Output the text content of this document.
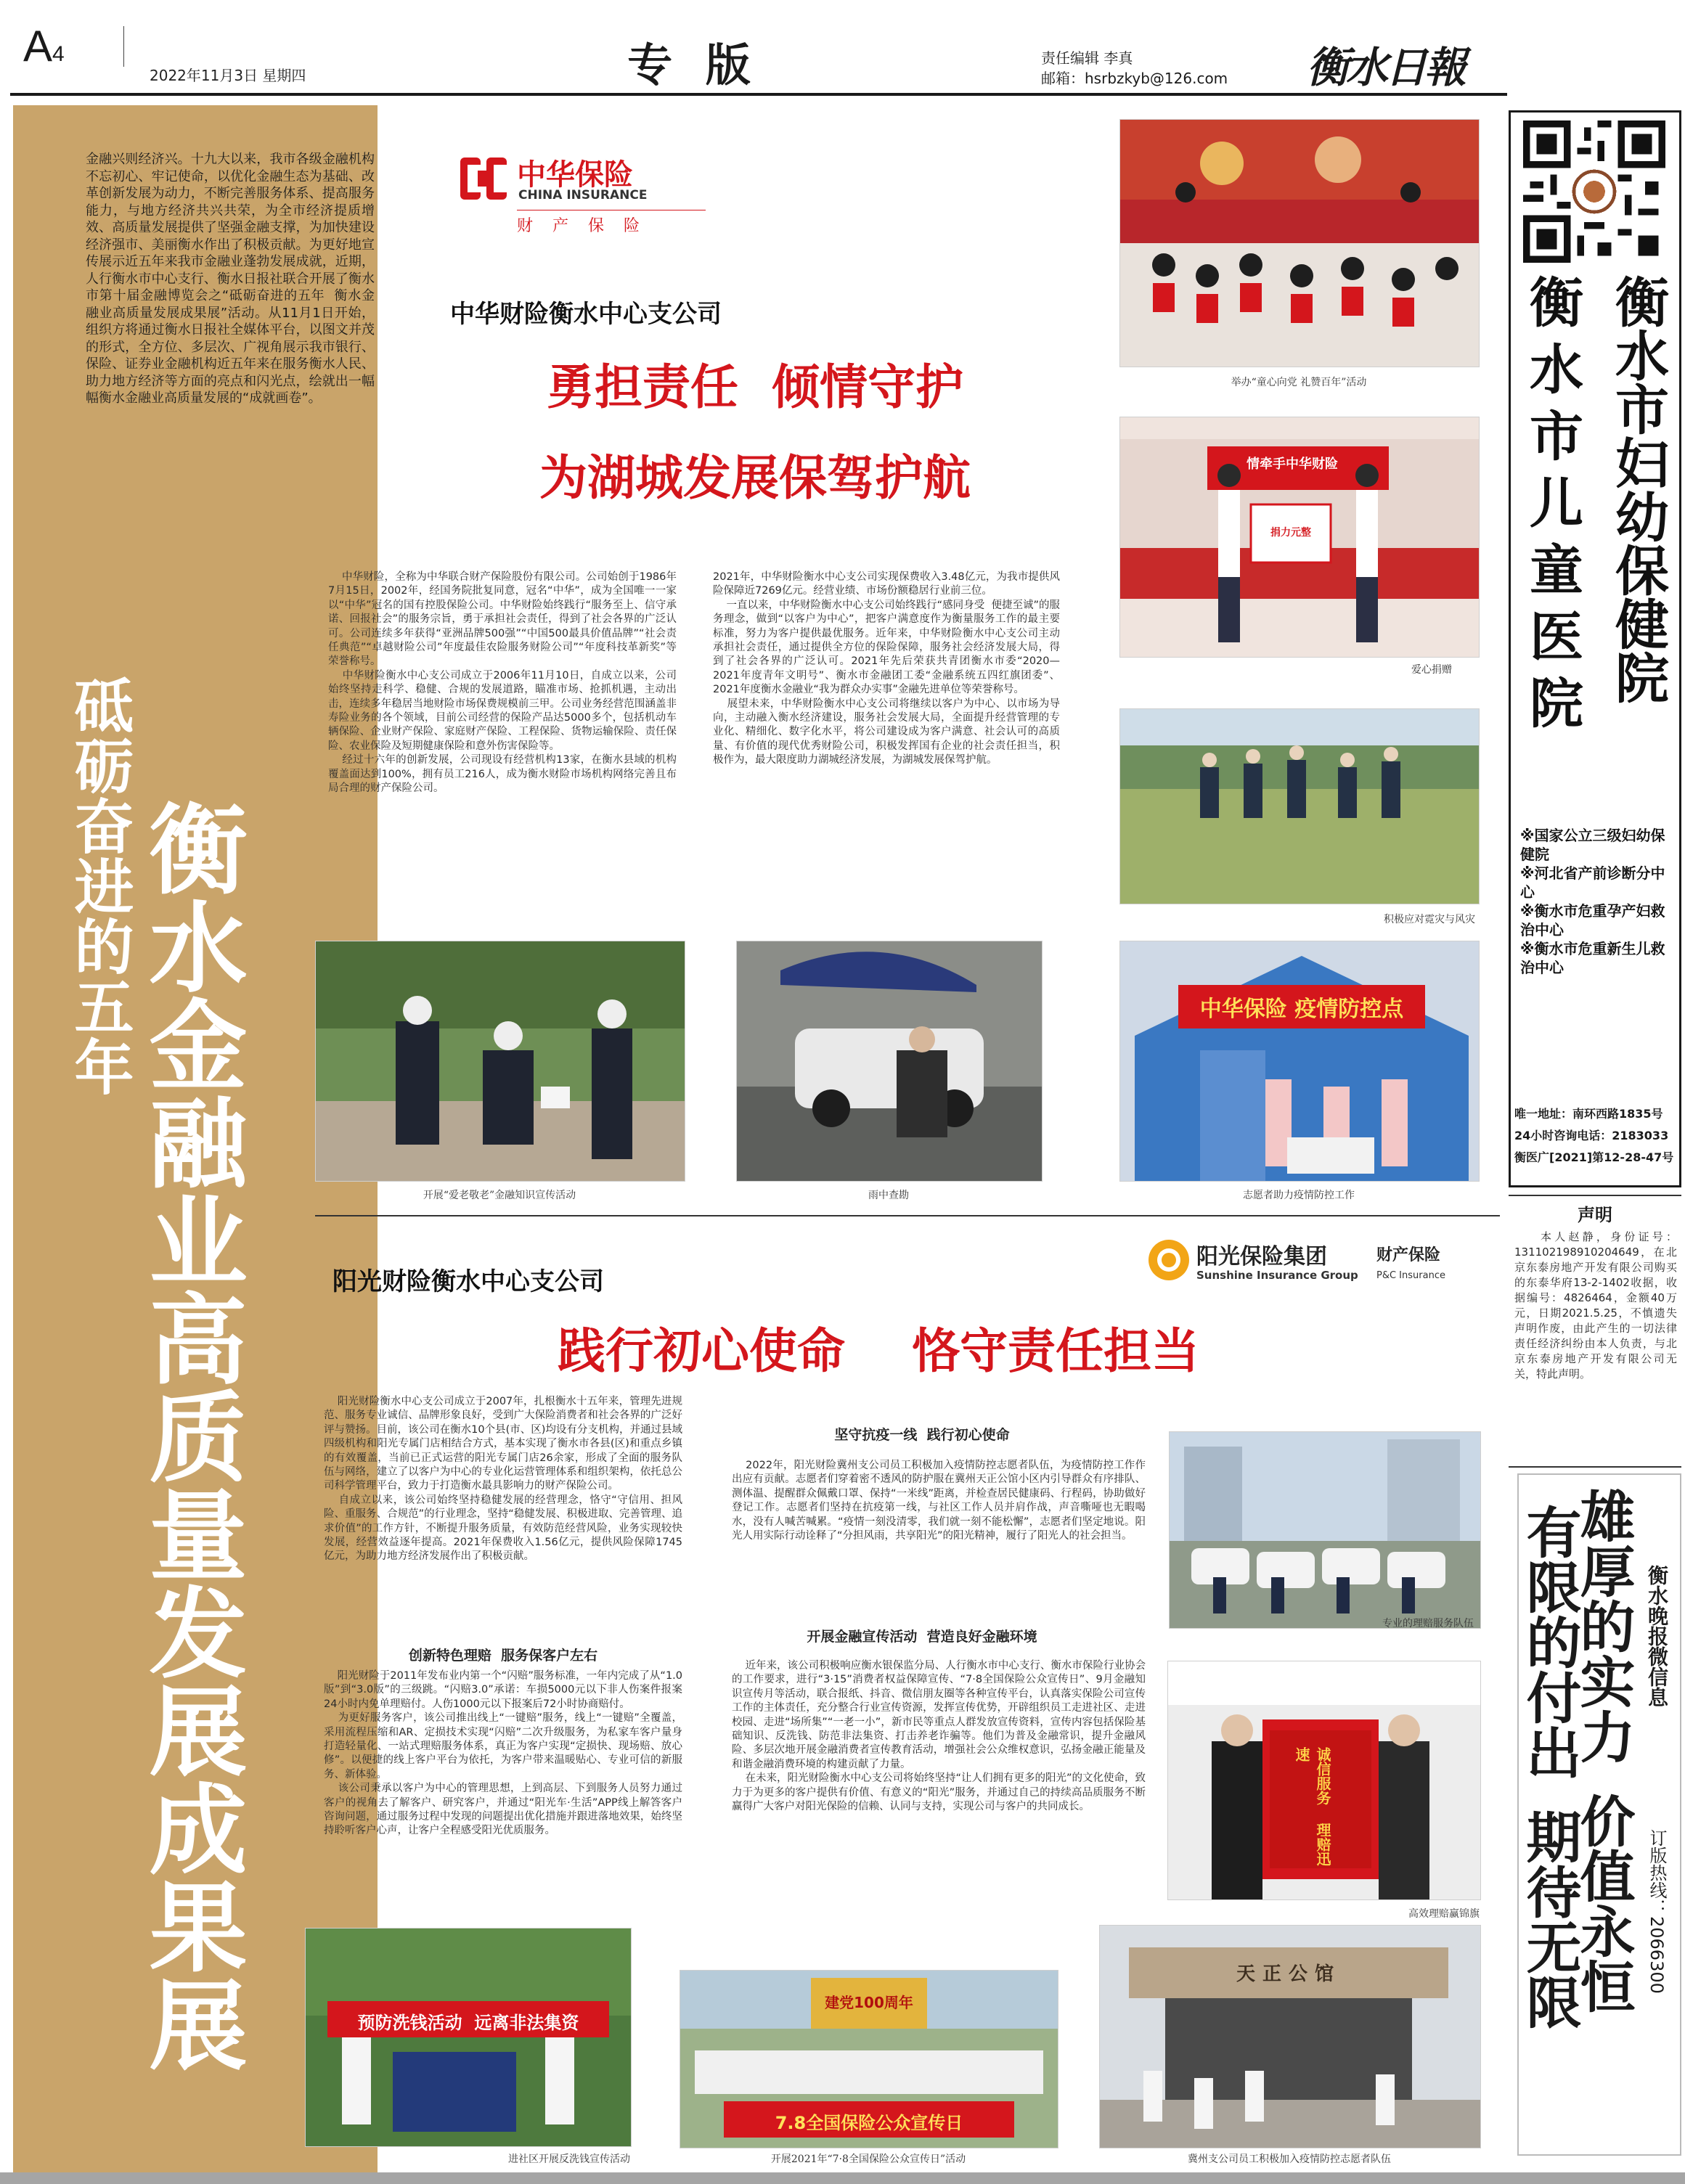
A4
2022年11月3日 星期四	专 版	责任编辑 李真
邮箱：hsrbzkyb@126.com 衡水日報
金融兴则经济兴。十九大以来，我市各级金融机构不忘初心、牢记使命，以优化金融生态为基础、改革创新发展为动力，不断完善服务体系、提高服务能力，与地方经济共兴共荣，为全市经济提质增效、高质量发展提供了坚强金融支撑，为加快建设经济强市、美丽衡水作出了积极贡献。为更好地宣传展示近五年来我市金融业蓬勃发展成就，近期，人行衡水市中心支行、衡水日报社联合开展了衡水市第十届金融博览会之“砥砺奋进的五年  衡水金融业高质量发展成果展”活动。从11月1日开始，组织方将通过衡水日报社全媒体平台，以图文并茂的形式，全方位、多层次、广视角展示我市银行、保险、证券业金融机构近五年来在服务衡水人民、助力地方经济等方面的亮点和闪光点，绘就出一幅幅衡水金融业高质量发展的“成就画卷”。
砥砺奋进的五年 衡水金融业高质量发展成果展
中华保险
CHINA INSURANCE
财 产 保 险
中华财险衡水中心支公司
勇担责任  倾情守护
为湖城发展保驾护航
中华财险，全称为中华联合财产保险股份有限公司。公司始创于1986年7月15日，2002年，经国务院批复同意，冠名“中华”，成为全国唯一一家以“中华”冠名的国有控股保险公司。中华财险始终践行“服务至上、信守承诺、回报社会”的服务宗旨，勇于承担社会责任，得到了社会各界的广泛认可。公司连续多年获得“亚洲品牌500强”“中国500最具价值品牌”“社会责任典范”“卓越财险公司”年度最佳农险服务财险公司”“年度科技革新奖”等荣誉称号。
中华财险衡水中心支公司成立于2006年11月10日，自成立以来，公司始终坚持走科学、稳健、合规的发展道路，瞄准市场、抢抓机遇，主动出击，连续多年稳居当地财险市场保费规模前三甲。公司业务经营范围涵盖非寿险业务的各个领域，目前公司经营的保险产品达5000多个，包括机动车辆保险、企业财产保险、家庭财产保险、工程保险、货物运输保险、责任保险、农业保险及短期健康保险和意外伤害保险等。
经过十六年的创新发展，公司现设有经营机构13家，在衡水县域的机构覆盖面达到100%，拥有员工216人，成为衡水财险市场机构网络完善且布局合理的财产保险公司。
2021年，中华财险衡水中心支公司实现保费收入3.48亿元，为我市提供风险保障近7269亿元。经营业绩、市场份额稳居行业前三位。
一直以来，中华财险衡水中心支公司始终践行“感同身受  便捷至诚”的服务理念，做到“以客户为中心”，把客户满意度作为衡量服务工作的最主要标准，努力为客户提供最优服务。近年来，中华财险衡水中心支公司主动承担社会责任，通过提供全方位的保险保障，服务社会经济发展大局，得到了社会各界的广泛认可。2021年先后荣获共青团衡水市委“2020—2021年度青年文明号”、衡水市金融团工委“金融系统五四红旗团委”、2021年度衡水金融业“我为群众办实事”金融先进单位等荣誉称号。
展望未来，中华财险衡水中心支公司将继续以客户为中心、以市场为导向，主动融入衡水经济建设，服务社会发展大局，全面提升经营管理的专业化、精细化、数字化水平，将公司建设成为客户满意、社会认可的高质量、有价值的现代优秀财险公司，积极发挥国有企业的社会责任担当，积极作为，最大限度助力湖城经济发展，为湖城发展保驾护航。
举办“童心向党 礼赞百年”活动
情牵手中华财险
捐力元整
爱心捐赠
积极应对霓灾与风灾
开展“爱老敬老”金融知识宣传活动	雨中查勘
中华保险 疫情防控点
志愿者助力疫情防控工作
阳光财险衡水中心支公司
阳光保险集团	财产保险
Sunshine Insurance Group P&C Insurance
践行初心使命    恪守责任担当
阳光财险衡水中心支公司成立于2007年，扎根衡水十五年来，管理先进规范、服务专业诚信、品牌形象良好，受到广大保险消费者和社会各界的广泛好评与赞扬。目前，该公司在衡水10个县(市、区)均设有分支机构，并通过县域四级机构和阳光专属门店相结合方式，基本实现了衡水市各县(区)和重点乡镇的有效覆盖，当前已正式运营的阳光专属门店26余家，形成了全面的服务队伍与网络，建立了以客户为中心的专业化运营管理体系和组织架构，依托总公司科学管理平台，致力于打造衡水最具影响力的财产保险公司。
自成立以来，该公司始终坚持稳健发展的经营理念，恪守“守信用、担风险、重服务、合规范”的行业理念，坚持“稳健发展、积极进取、完善管理、追求价值”的工作方针，不断提升服务质量，有效防范经营风险，业务实现较快发展，经营效益逐年提高。2021年保费收入1.56亿元，提供风险保障1745亿元，为助力地方经济发展作出了积极贡献。
创新特色理赔  服务保客户左右
阳光财险于2011年发布业内第一个“闪赔”服务标准，一年内完成了从“1.0版”到“3.0版”的三级跳。“闪赔3.0”承诺：车损5000元以下非人伤案件报案24小时内免单理赔付。人伤1000元以下报案后72小时协商赔付。
为更好服务客户，该公司推出线上“一键赔”服务，线上“一键赔”全覆盖，采用流程压缩和AR、定损技术实现“闪赔”二次升级服务，为私家车客户量身打造轻量化、一站式理赔服务体系，真正为客户实现“定损快、现场赔、放心修”。以便捷的线上客户平台为依托，为客户带来温暖贴心、专业可信的新服务、新体验。
该公司秉承以客户为中心的管理思想，上到高层、下到服务人员努力通过客户的视角去了解客户、研究客户，并通过“阳光车·生活”APP线上解答客户咨询问题，通过服务过程中发现的问题提出优化措施并跟进落地效果，始终坚持聆听客户心声，让客户全程感受阳光优质服务。
坚守抗疫一线  践行初心使命
2022年，阳光财险冀州支公司员工积极加入疫情防控志愿者队伍，为疫情防控工作作出应有贡献。志愿者们穿着密不透风的防护服在冀州天正公馆小区内引导群众有序排队、测体温、提醒群众佩戴口罩、保持“一米线”距离，并检查居民健康码、行程码，协助做好登记工作。志愿者们坚持在抗疫第一线，与社区工作人员并肩作战，声音嘶哑也无暇喝水，没有人喊苦喊累。“疫情一刻没清零，我们就一刻不能松懈”，志愿者们坚定地说。阳光人用实际行动诠释了“分担风雨，共享阳光”的阳光精神，履行了阳光人的社会担当。
开展金融宣传活动  营造良好金融环境
近年来，该公司积极响应衡水银保监分局、人行衡水市中心支行、衡水市保险行业协会的工作要求，进行“3·15”消费者权益保障宣传、“7·8全国保险公众宣传日”、9月金融知识宣传月等活动，联合报纸、抖音、微信朋友圈等各种宣传平台，认真落实保险公司宣传工作的主体责任，充分整合行业宣传资源，发挥宣传优势，开辟组织员工走进社区、走进校园、走进“场所集”“一老一小”，新市民等重点人群发放宣传资料，宣传内容包括保险基础知识、反洗钱、防范非法集资、打击养老诈骗等。他们为普及金融常识，提升金融风险、多层次地开展金融消费者宣传教育活动，增强社会公众维权意识，弘扬金融正能量及和谐金融消费环境的构建贡献了力量。
在未来，阳光财险衡水中心支公司将始终坚持“让人们拥有更多的阳光”的文化使命，致力于为更多的客户提供有价值、有意义的“阳光”服务，并通过自己的持续高品质服务不断赢得广大客户对阳光保险的信赖、认同与支持，实现公司与客户的共同成长。
专业的理赔服务队伍
诚信服务 理赔迅速
高效理赔赢锦旗
预防洗钱活动  远离非法集资
进社区开展反洗钱宣传活动
建党100周年
7.8全国保险公众宣传日
开展2021年“7·8全国保险公众宣传日”活动
天正公馆
冀州支公司员工积极加入疫情防控志愿者队伍
衡水市妇幼保健院
衡水市儿童医院
※国家公立三级妇幼保健院
※河北省产前诊断分中心
※衡水市危重孕产妇救治中心
※衡水市危重新生儿救治中心
唯一地址：南环西路1835号
24小时咨询电话：2183033
衡医广[2021]第12-28-47号
声明
本人赵静，身份证号：131102198910204649，在北京东泰房地产开发有限公司购买的东泰华府13-2-1402收据，收据编号：4826464，金额40万元，日期2021.5.25，不慎遗失声明作废，由此产生的一切法律责任经济纠纷由本人负责，与北京东泰房地产开发有限公司无关，特此声明。
雄厚的实力价值永恒
有限的付出期待无限
衡水晚报微信息
订版热线：2066300
